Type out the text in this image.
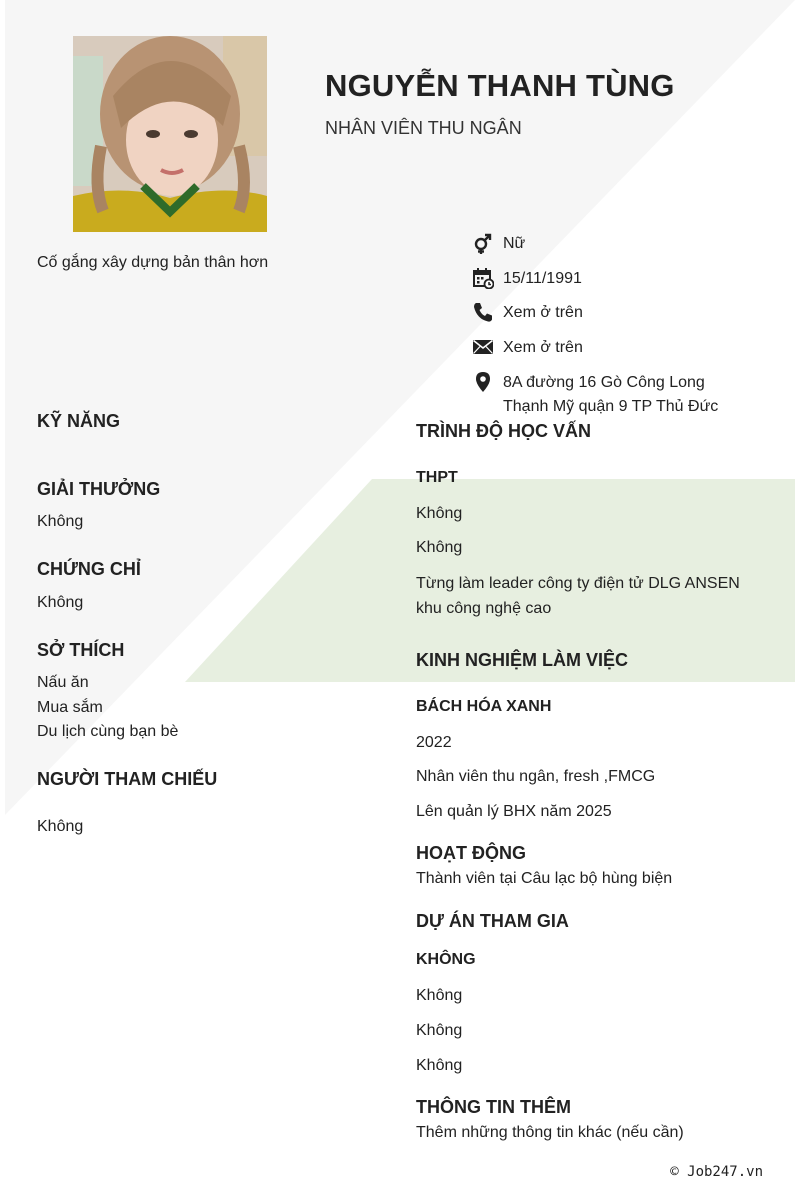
NGUYỄN THANH TÙNG
NHÂN VIÊN THU NGÂN
Cố gắng xây dựng bản thân hơn
Nữ
15/11/1991
Xem ở trên
Xem ở trên
8A đường 16 Gò Công Long
Thạnh Mỹ quận 9 TP Thủ Đức
KỸ NĂNG
GIẢI THƯỞNG
Không
CHỨNG CHỈ
Không
SỞ THÍCH
Nấu ăn
Mua sắm
Du lịch cùng bạn bè
NGƯỜI THAM CHIẾU
Không
TRÌNH ĐỘ HỌC VẤN
THPT
Không
Không
Từng làm leader công ty điện tử DLG ANSEN
khu công nghệ cao
KINH NGHIỆM LÀM VIỆC
BÁCH HÓA XANH
2022
Nhân viên thu ngân, fresh ,FMCG
Lên quản lý BHX năm 2025
HOẠT ĐỘNG
Thành viên tại Câu lạc bộ hùng biện
DỰ ÁN THAM GIA
KHÔNG
Không
Không
Không
THÔNG TIN THÊM
Thêm những thông tin khác (nếu cần)
© Job247.vn
